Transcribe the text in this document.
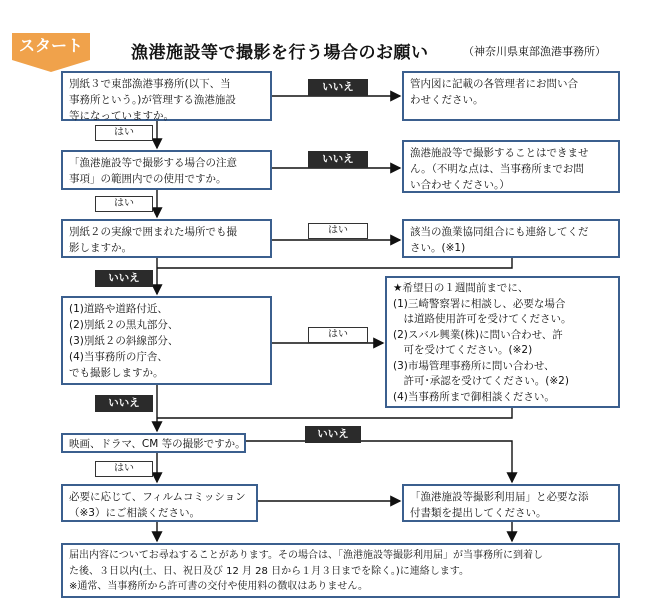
スタート	漁港施設等で撮影を行う場合のお願い	（神奈川県東部漁港事務所）
別紙３で東部漁港事務所(以下、当
事務所という。)が管理する漁港施設
等になっていますか。
「漁港施設等で撮影する場合の注意
事項」の範囲内での使用ですか。
別紙２の実線で囲まれた場所でも撮
影しますか。
(1)道路や道路付近、
(2)別紙２の黒丸部分、
(3)別紙２の斜線部分、
(4)当事務所の庁舎、
でも撮影しますか。
映画、ドラマ、CM 等の撮影ですか。
必要に応じて、フィルムコミッション
（※3）にご相談ください。
管内図に記載の各管理者にお問い合
わせください。
漁港施設等で撮影することはできませ
ん。（不明な点は、当事務所までお問
い合わせください。）
該当の漁業協同組合にも連絡してくだ
さい。(※1)
★希望日の１週間前までに、
(1)三崎警察署に相談し、必要な場合
　は道路使用許可を受けてください。
(2)スバル興業(株)に問い合わせ、許
　可を受けてください。(※2)
(3)市場管理事務所に問い合わせ、
　許可･承認を受けてください。(※2)
(4)当事務所まで御相談ください。
「漁港施設等撮影利用届」と必要な添
付書類を提出してください。
届出内容についてお尋ねすることがあります。その場合は、「漁港施設等撮影利用届」が当事務所に到着し
た後、３日以内(土、日、祝日及び 12 月 28 日から１月３日までを除く。)に連絡します。
※通常、当事務所から許可書の交付や使用料の徴収はありません。
いいえ
はい
いいえ
はい
はい
いいえ
はい
いいえ
いいえ
はい
